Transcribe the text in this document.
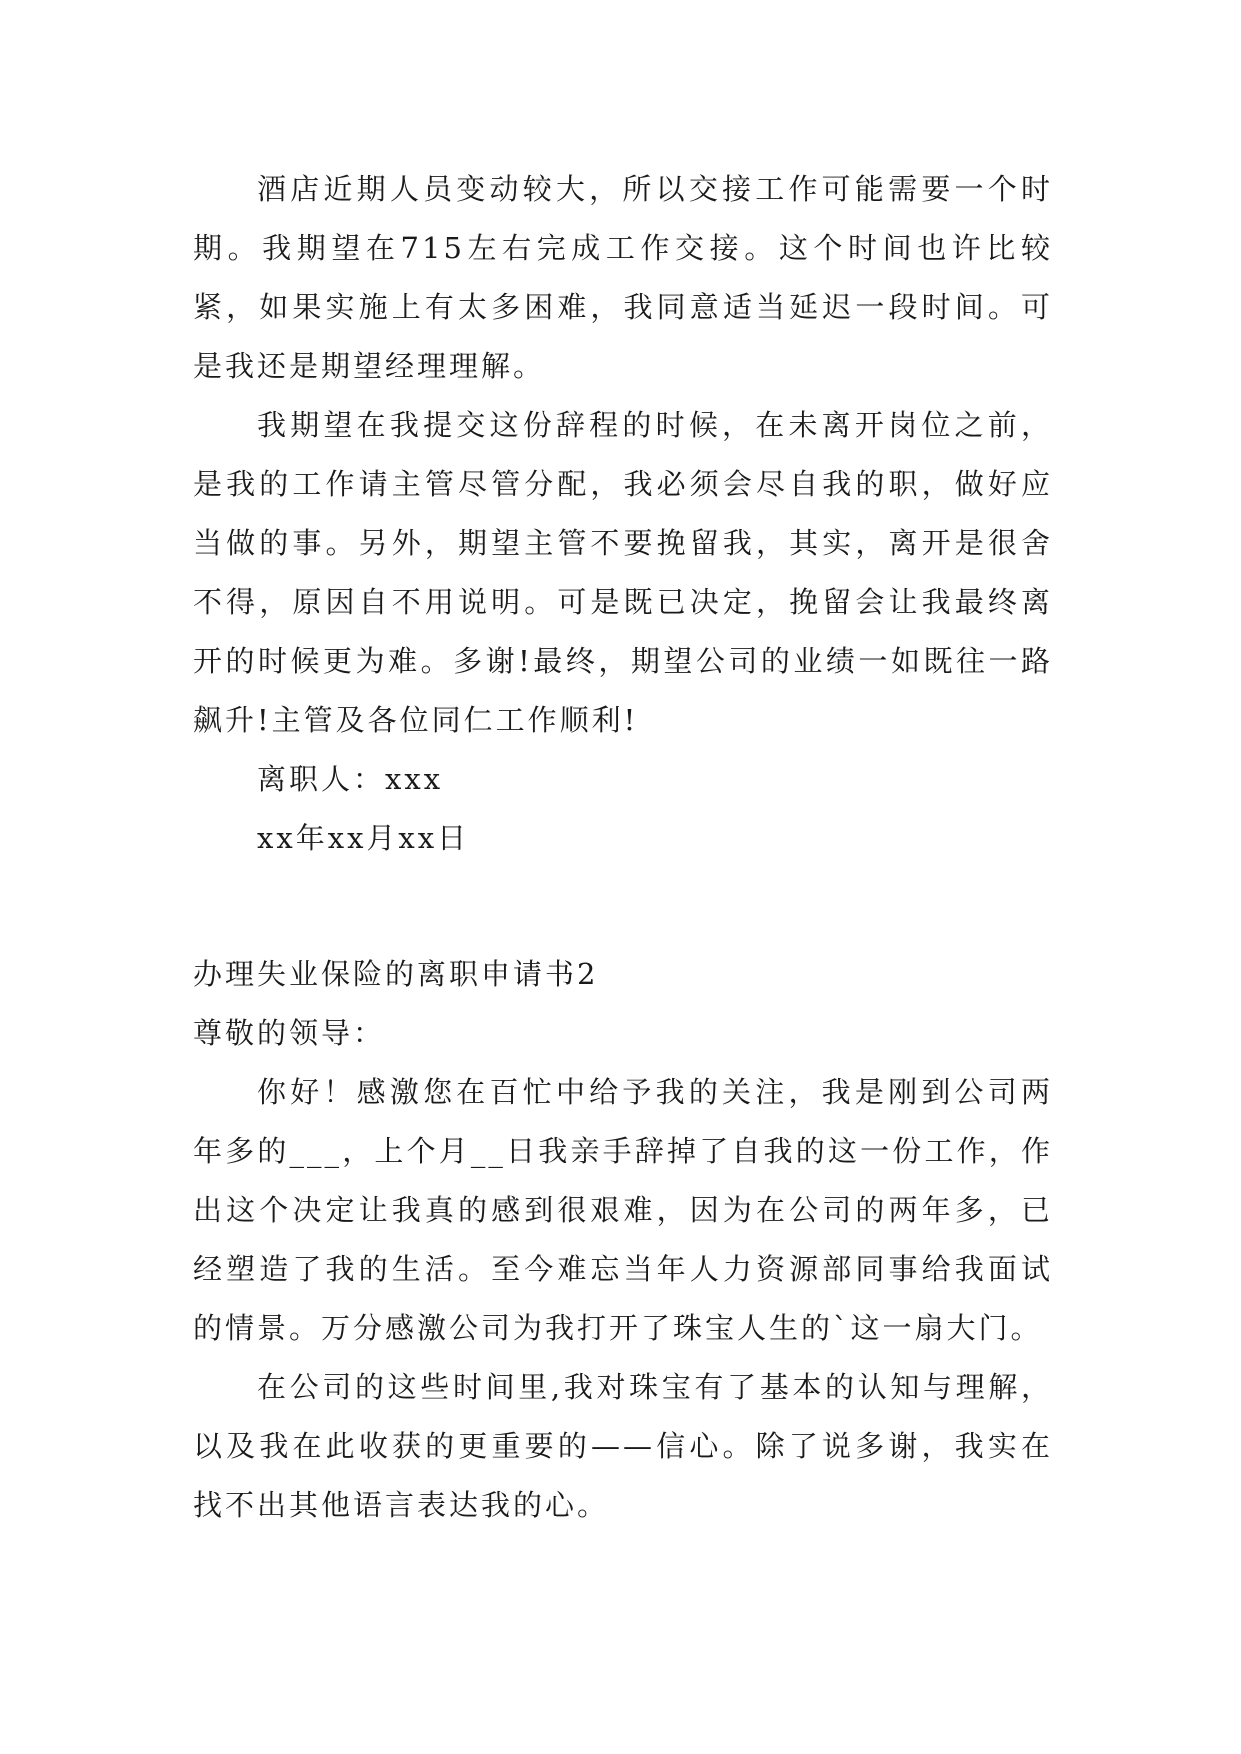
酒店近期人员变动较大，所以交接工作可能需要一个时期。我期望在715左右完成工作交接。这个时间也许比较紧，如果实施上有太多困难，我同意适当延迟一段时间。可是我还是期望经理理解。

我期望在我提交这份辞程的时候，在未离开岗位之前，是我的工作请主管尽管分配，我必须会尽自我的职，做好应当做的事。另外，期望主管不要挽留我，其实，离开是很舍不得，原因自不用说明。可是既已决定，挽留会让我最终离开的时候更为难。多谢!最终，期望公司的业绩一如既往一路飙升!主管及各位同仁工作顺利!

离职人：xxx

xx年xx月xx日

办理失业保险的离职申请书2

尊敬的领导：

你好！感激您在百忙中给予我的关注，我是刚到公司两年多的___，上个月__日我亲手辞掉了自我的这一份工作，作出这个决定让我真的感到很艰难，因为在公司的两年多，已经塑造了我的生活。至今难忘当年人力资源部同事给我面试的情景。万分感激公司为我打开了珠宝人生的`这一扇大门。

在公司的这些时间里,我对珠宝有了基本的认知与理解，以及我在此收获的更重要的——信心。除了说多谢，我实在找不出其他语言表达我的心。
